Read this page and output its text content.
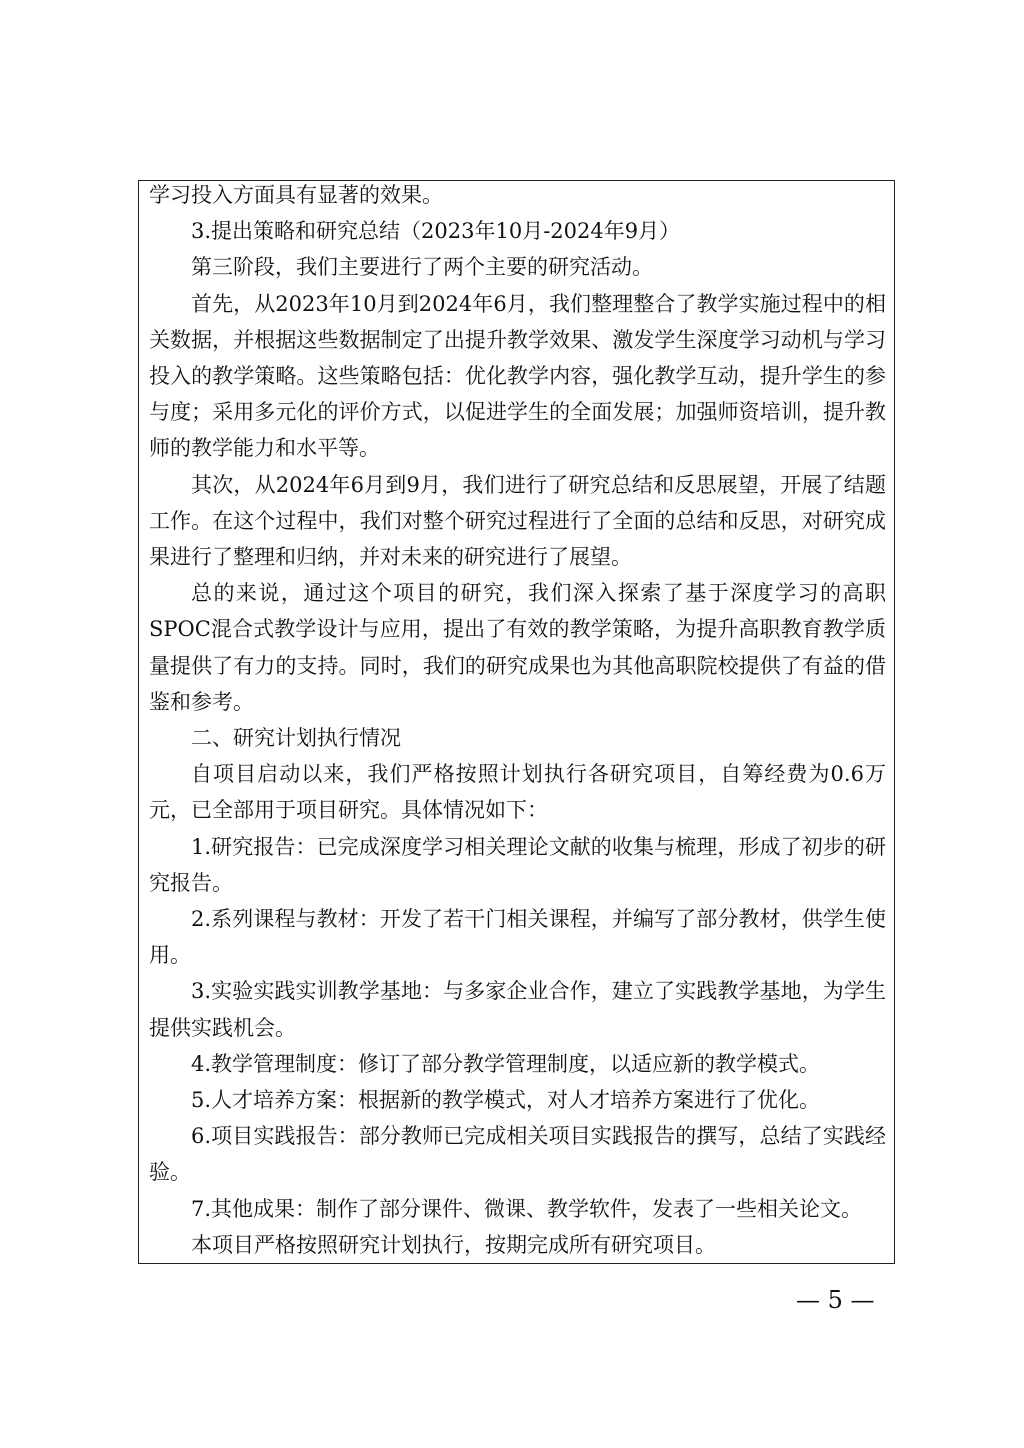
学习投入方面具有显著的效果。

3.提出策略和研究总结（2023年10月-2024年9月）

第三阶段，我们主要进行了两个主要的研究活动。

首先，从2023年10月到2024年6月，我们整理整合了教学实施过程中的相关数据，并根据这些数据制定了出提升教学效果、激发学生深度学习动机与学习投入的教学策略。这些策略包括：优化教学内容，强化教学互动，提升学生的参与度；采用多元化的评价方式，以促进学生的全面发展；加强师资培训，提升教师的教学能力和水平等。

其次，从2024年6月到9月，我们进行了研究总结和反思展望，开展了结题工作。在这个过程中，我们对整个研究过程进行了全面的总结和反思，对研究成果进行了整理和归纳，并对未来的研究进行了展望。

总的来说，通过这个项目的研究，我们深入探索了基于深度学习的高职SPOC混合式教学设计与应用，提出了有效的教学策略，为提升高职教育教学质量提供了有力的支持。同时，我们的研究成果也为其他高职院校提供了有益的借鉴和参考。

二、研究计划执行情况

自项目启动以来，我们严格按照计划执行各研究项目，自筹经费为0.6万元，已全部用于项目研究。具体情况如下：

1.研究报告：已完成深度学习相关理论文献的收集与梳理，形成了初步的研究报告。

2.系列课程与教材：开发了若干门相关课程，并编写了部分教材，供学生使用。

3.实验实践实训教学基地：与多家企业合作，建立了实践教学基地，为学生提供实践机会。

4.教学管理制度：修订了部分教学管理制度，以适应新的教学模式。

5.人才培养方案：根据新的教学模式，对人才培养方案进行了优化。

6.项目实践报告：部分教师已完成相关项目实践报告的撰写，总结了实践经验。

7.其他成果：制作了部分课件、微课、教学软件，发表了一些相关论文。

本项目严格按照研究计划执行，按期完成所有研究项目。

— 5 —
